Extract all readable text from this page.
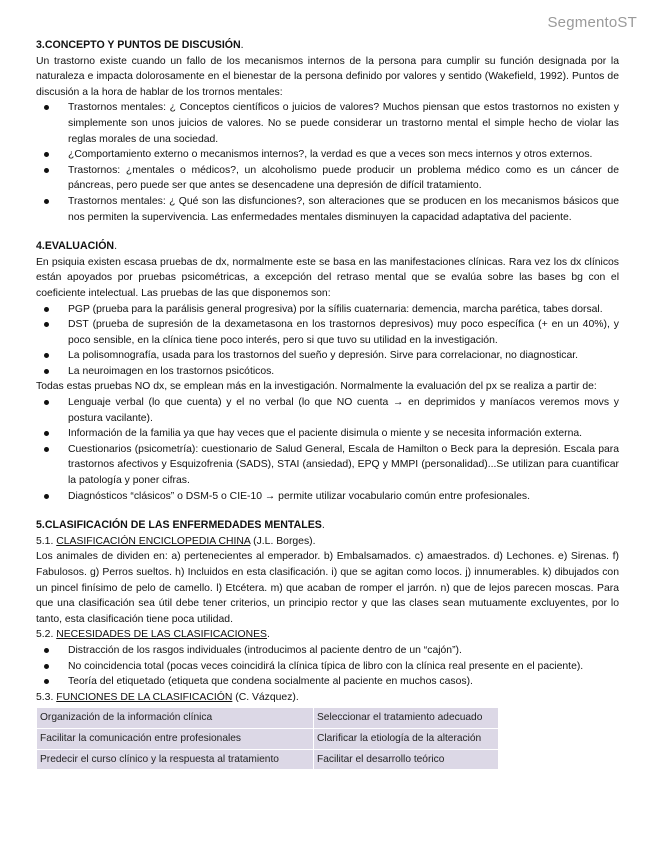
SegmentoST
3.CONCEPTO Y PUNTOS DE DISCUSIÓN.

Un trastorno existe cuando un fallo de los mecanismos internos de la persona para cumplir su función designada por la naturaleza e impacta dolorosamente en el bienestar de la persona definido por valores y sentido (Wakefield, 1992). Puntos de discusión a la hora de hablar de los trornos mentales:

Trastornos mentales: ¿ Conceptos científicos o juicios de valores? Muchos piensan que estos trastornos no existen y simplemente son unos juicios de valores. No se puede considerar un trastorno mental el simple hecho de violar las reglas morales de una sociedad.
¿Comportamiento externo o mecanismos internos?, la verdad es que a veces son mecs internos y otros externos.
Trastornos: ¿mentales o médicos?, un alcoholismo puede producir un problema médico como es un cáncer de páncreas, pero puede ser que antes se desencadene una depresión de difícil tratamiento.
Trastornos mentales: ¿ Qué son las disfunciones?, son alteraciones que se producen en los mecanismos básicos que nos permiten la supervivencia. Las enfermedades mentales disminuyen la capacidad adaptativa del paciente.
4.EVALUACIÓN.

En psiquia existen escasa pruebas de dx, normalmente este se basa en las manifestaciones clínicas. Rara vez los dx clínicos están apoyados por pruebas psicométricas, a excepción del retraso mental que se evalúa sobre las bases bg con el coeficiente intelectual. Las pruebas de las que disponemos son:

PGP (prueba para la parálisis general progresiva) por la sífilis cuaternaria: demencia, marcha parética, tabes dorsal.
DST (prueba de supresión de la dexametasona en los trastornos depresivos) muy poco específica (+ en un 40%), y poco sensible, en la clínica tiene poco interés, pero si que tuvo su utilidad en la investigación.
La polisomnografía, usada para los trastornos del sueño y depresión. Sirve para correlacionar, no diagnosticar.
La neuroimagen en los trastornos psicóticos.

Todas estas pruebas NO dx, se emplean más en la investigación. Normalmente la evaluación del px se realiza a partir de:

Lenguaje verbal (lo que cuenta) y el no verbal (lo que NO cuenta → en deprimidos y maníacos veremos movs y postura vacilante).
Información de la familia ya que hay veces que el paciente disimula o miente y se necesita información externa.
Cuestionarios (psicometría): cuestionario de Salud General, Escala de Hamilton o Beck para la depresión. Escala para trastornos afectivos y Esquizofrenia (SADS), STAI (ansiedad), EPQ y MMPI (personalidad)...Se utilizan para cuantificar la patología y poner cifras.
Diagnósticos “clásicos” o DSM-5 o CIE-10 → permite utilizar vocabulario común entre profesionales.
5.CLASIFICACIÓN DE LAS ENFERMEDADES MENTALES.
5.1. CLASIFICACIÓN ENCICLOPEDIA CHINA (J.L. Borges).

Los animales de dividen en: a) pertenecientes al emperador. b) Embalsamados. c) amaestrados. d) Lechones. e) Sirenas. f) Fabulosos. g) Perros sueltos. h) Incluidos en esta clasificación. i) que se agitan como locos. j) innumerables. k) dibujados con un pincel finísimo de pelo de camello. l) Etcétera. m) que acaban de romper el jarrón. n) que de lejos parecen moscas. Para que una clasificación sea útil debe tener criterios, un principio rector y que las clases sean mutuamente excluyentes, por lo tanto, esta clasificación tiene poca utilidad.

5.2. NECESIDADES DE LAS CLASIFICACIONES.
Distracción de los rasgos individuales (introducimos al paciente dentro de un “cajón”).
No coincidencia total (pocas veces coincidirá la clínica típica de libro con la clínica real presente en el paciente).
Teoría del etiquetado (etiqueta que condena socialmente al paciente en muchos casos).
5.3. FUNCIONES DE LA CLASIFICACIÓN (C. Vázquez).
Organización de la información clínica	Seleccionar el tratamiento adecuado
Facilitar la comunicación entre profesionales	Clarificar la etiología de la alteración
Predecir el curso clínico y la respuesta al tratamiento	Facilitar el desarrollo teórico
